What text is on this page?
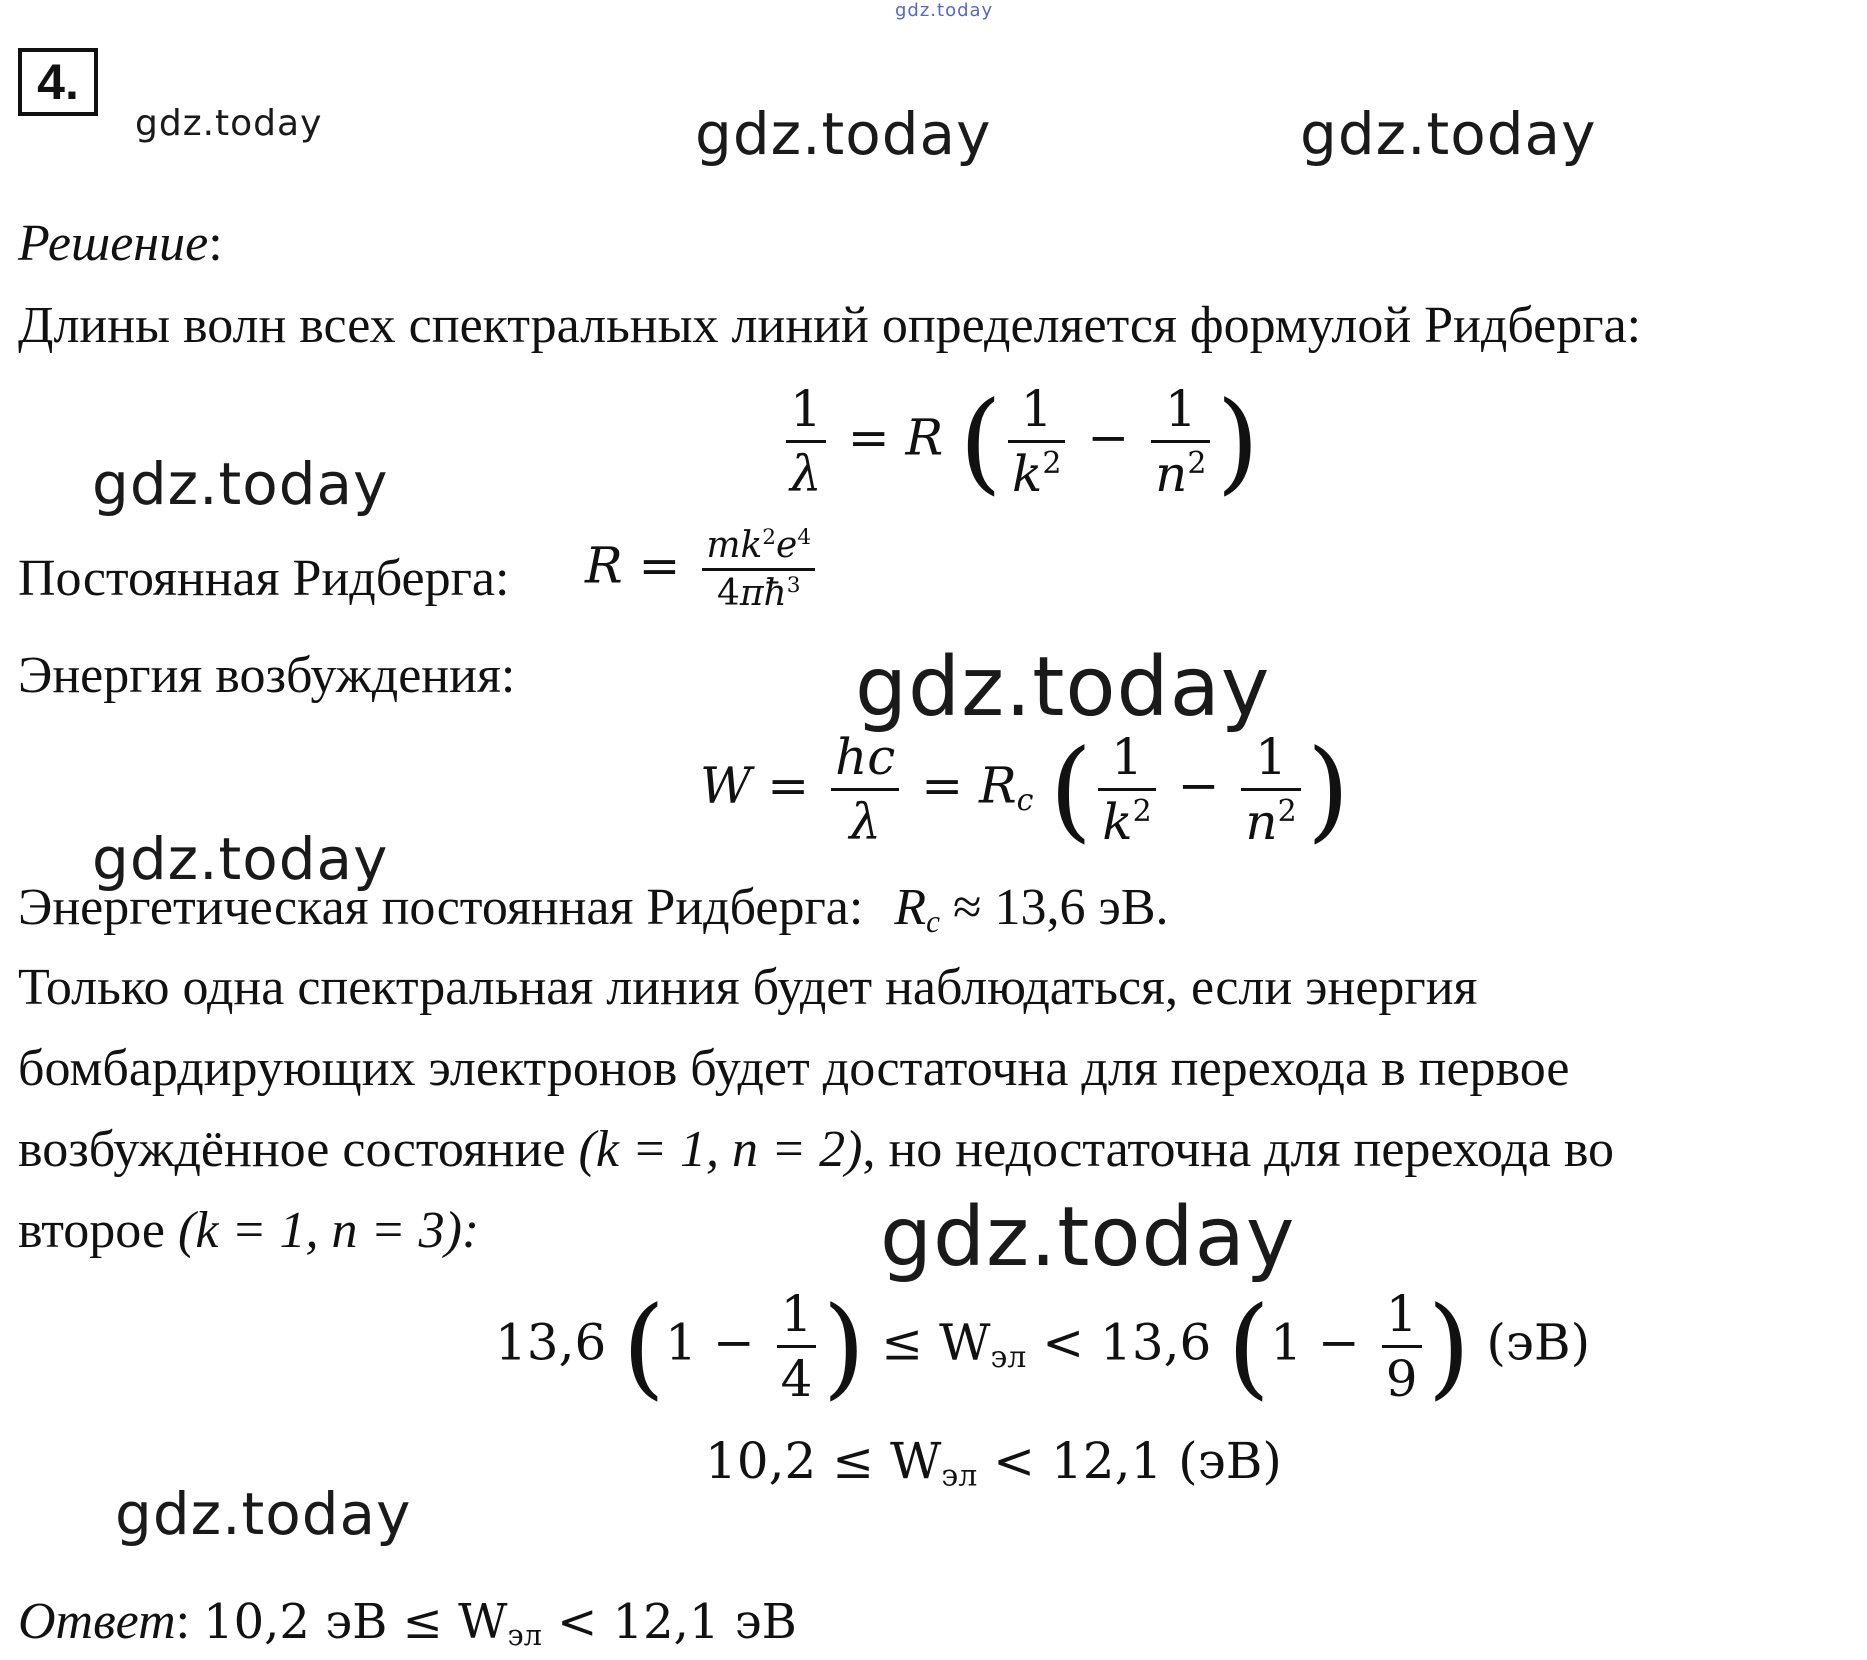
gdz.today
gdz.today	gdz.today	gdz.today
gdz.today
gdz.today
gdz.today
gdz.today
gdz.today
4.
Решение:
Длины волн всех спектральных линий определяется формулой Ридберга:
$\frac{1}{\lambda} = R$ ( $\frac{1}{k^2} - \frac{1}{n^2}$ )
Постоянная Ридберга: $R = \frac{mk^2e^4}{4\pi ħ^3}$
Энергия возбуждения:
$W = \frac{hc}{\lambda} = R_c$ ( $\frac{1}{k^2} - \frac{1}{n^2}$ )
Энергетическая постоянная Ридберга: $R_c \approx 13,6$ эВ.
Только одна спектральная линия будет наблюдаться, если энергия
бомбардирующих электронов будет достаточна для перехода в первое
возбуждённое состояние (k = 1, n = 2), но недостаточна для перехода во
второе (k = 1, n = 3):
13,6 ($1 - \frac{1}{4}$ ) ≤ $W_{эл} < 13,6$ ($1 - \frac{1}{9}$ ) (эВ)
$10,2 \le W_{эл} < 12,1$ (эВ)
Ответ: 10,2 эВ ≤ $W_{эл} < 12,1$ эВ
